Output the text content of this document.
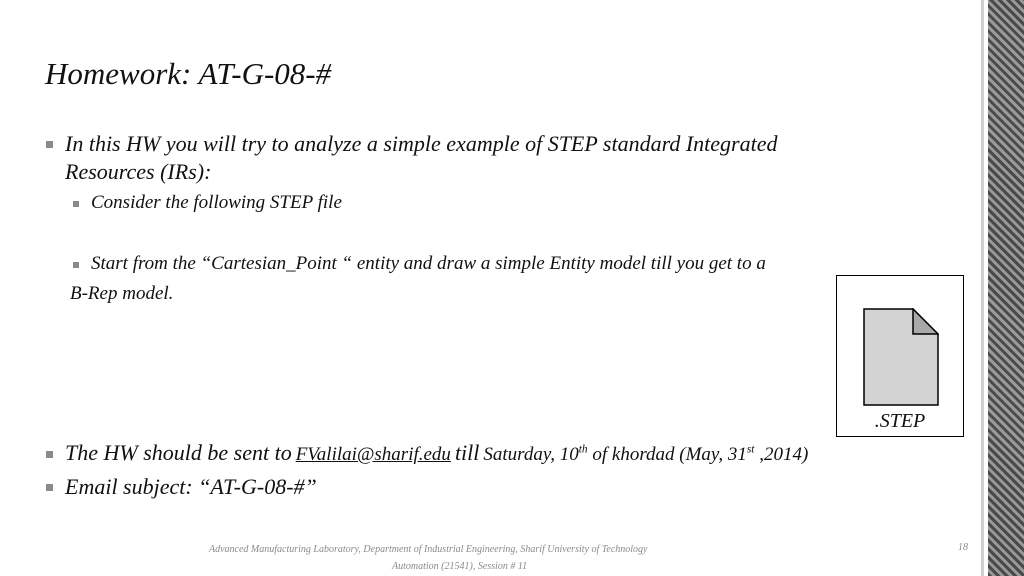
Homework: AT-G-08-#
In this HW you will try to analyze a simple example of STEP standard Integrated
Resources (IRs):
Consider the following STEP file
Start from the “Cartesian_Point “ entity and draw a simple Entity model till you get to a
B-Rep model.
.STEP
The HW should be sent to FValilai@sharif.edu till Saturday, 10th of khordad (May, 31st ,2014)
Email subject: “AT-G-08-#”
Advanced Manufacturing Laboratory, Department of Industrial Engineering, Sharif University of Technology
Automation (21541), Session # 11
18
